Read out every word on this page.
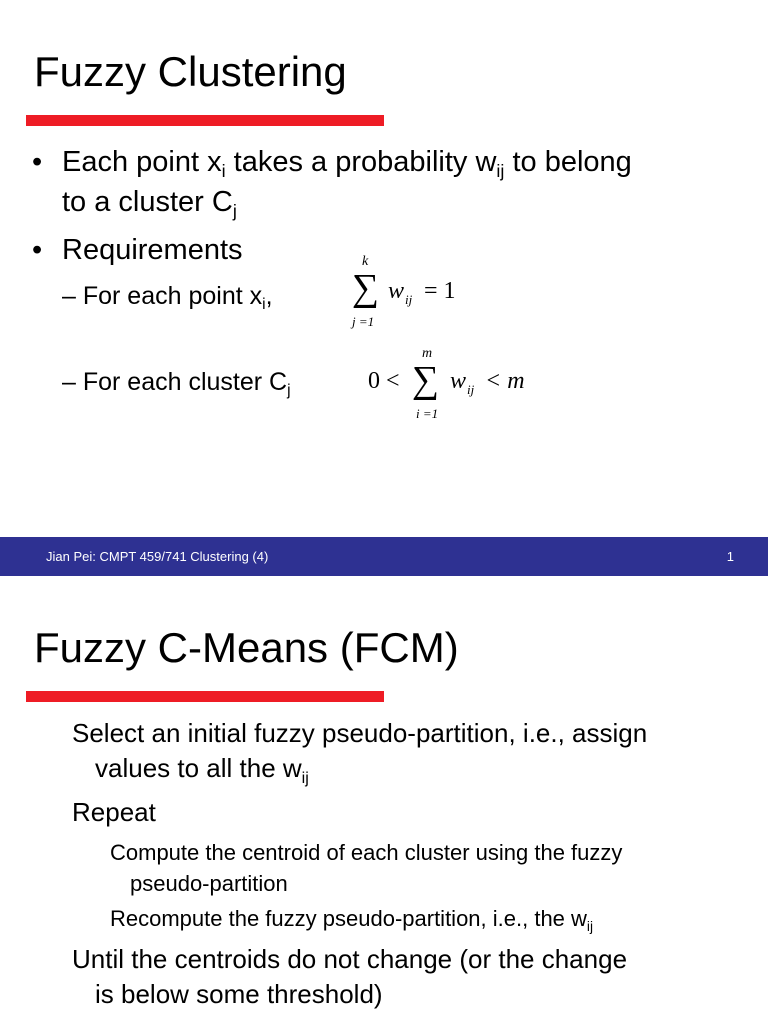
Fuzzy Clustering
• Each point $x_i$ takes a probability $w_{ij}$ to belong
to a cluster $C_j$
• Requirements
– For each point $x_i$,
k
∑
j =1
w ij = 1
– For each cluster $C_j$	0 <
m
∑
i =1
w ij < m
Jian Pei: CMPT 459/741 Clustering (4)	1
Fuzzy C-Means (FCM)
Select an initial fuzzy pseudo-partition, i.e., assign
values to all the $w_{ij}$
Repeat
Compute the centroid of each cluster using the fuzzy
pseudo-partition
Recompute the fuzzy pseudo-partition, i.e., the $w_{ij}$
Until the centroids do not change (or the change
is below some threshold)
